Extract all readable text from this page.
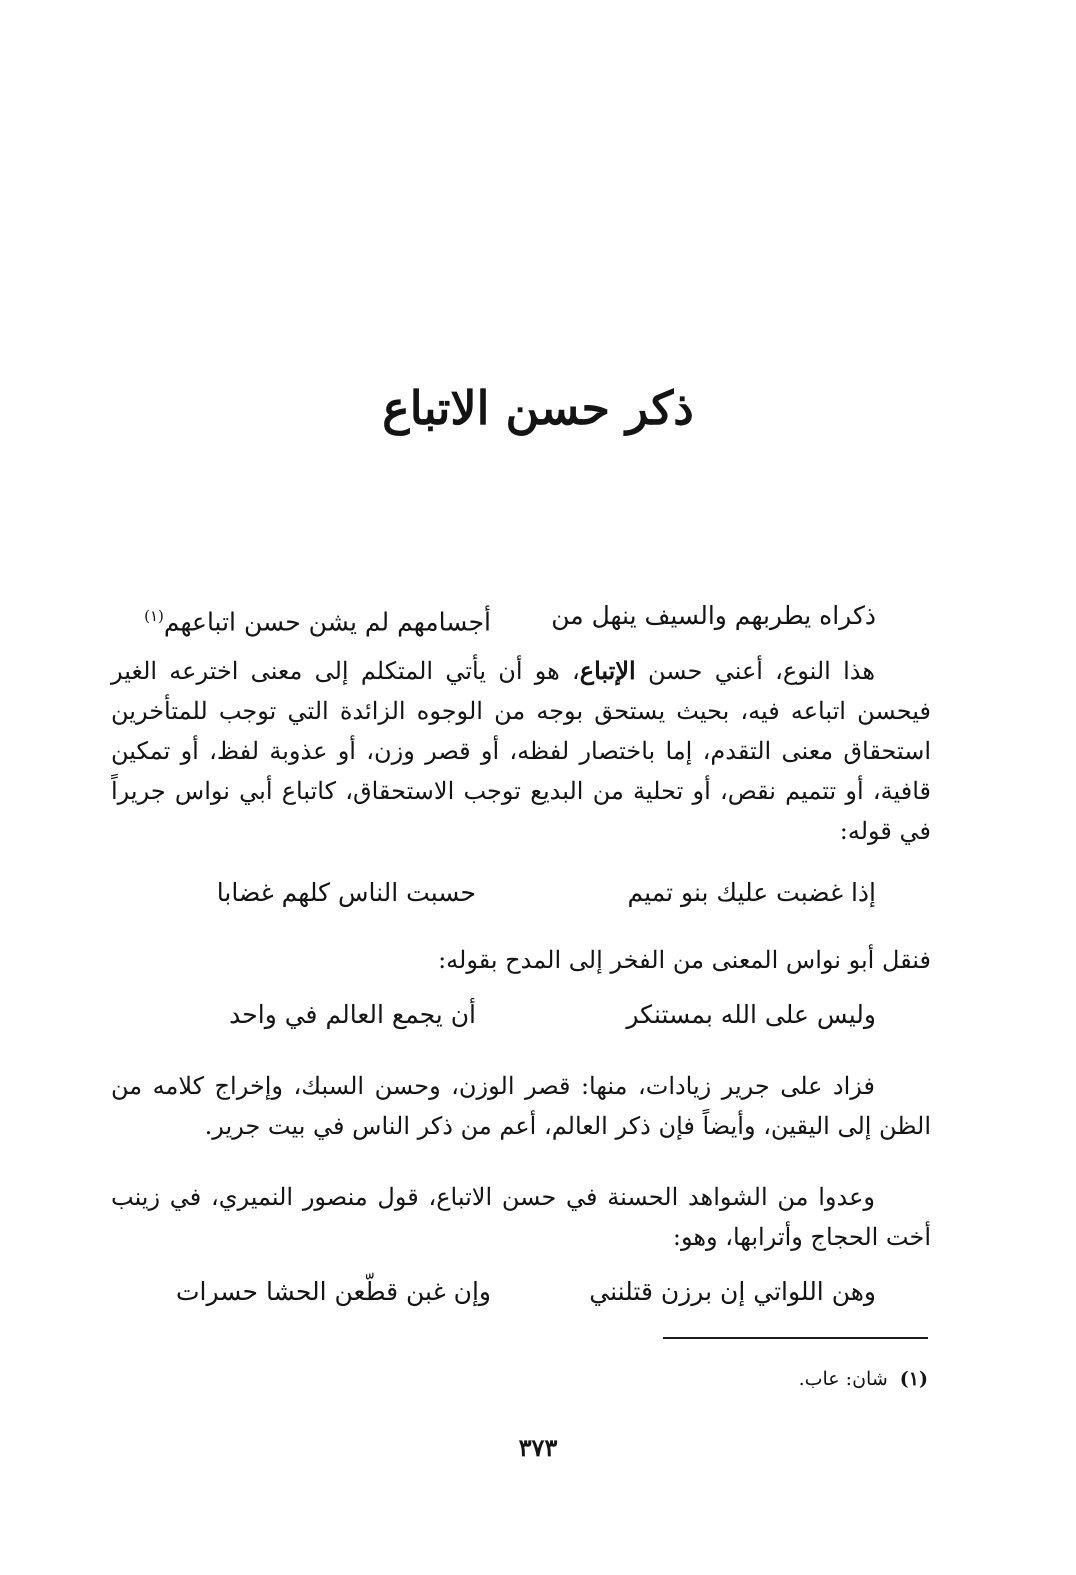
ذكر حسن الاتباع
ذكراه يطربهم والسيف ينهل من
أجسامهم لم يشن حسن اتباعهم$^{(١)}$
هذا النوع، أعني حسن الإتباع، هو أن يأتي المتكلم إلى معنى اخترعه الغير فيحسن اتباعه فيه، بحيث يستحق بوجه من الوجوه الزائدة التي توجب للمتأخرين استحقاق معنى التقدم، إما باختصار لفظه، أو قصر وزن، أو عذوبة لفظ، أو تمكين قافية، أو تتميم نقص، أو تحلية من البديع توجب الاستحقاق، كاتباع أبي نواس جريراً في قوله:
إذا غضبت عليك بنو تميم
حسبت الناس كلهم غضابا
فنقل أبو نواس المعنى من الفخر إلى المدح بقوله:
وليس على الله بمستنكر
أن يجمع العالم في واحد
فزاد على جرير زيادات، منها: قصر الوزن، وحسن السبك، وإخراج كلامه من الظن إلى اليقين، وأيضاً فإن ذكر العالم، أعم من ذكر الناس في بيت جرير.
وعدوا من الشواهد الحسنة في حسن الاتباع، قول منصور النميري، في زينب أخت الحجاج وأترابها، وهو:
وهن اللواتي إن برزن قتلنني
وإن غبن قطّعن الحشا حسرات
(١) شان: عاب.
٣٧٣
